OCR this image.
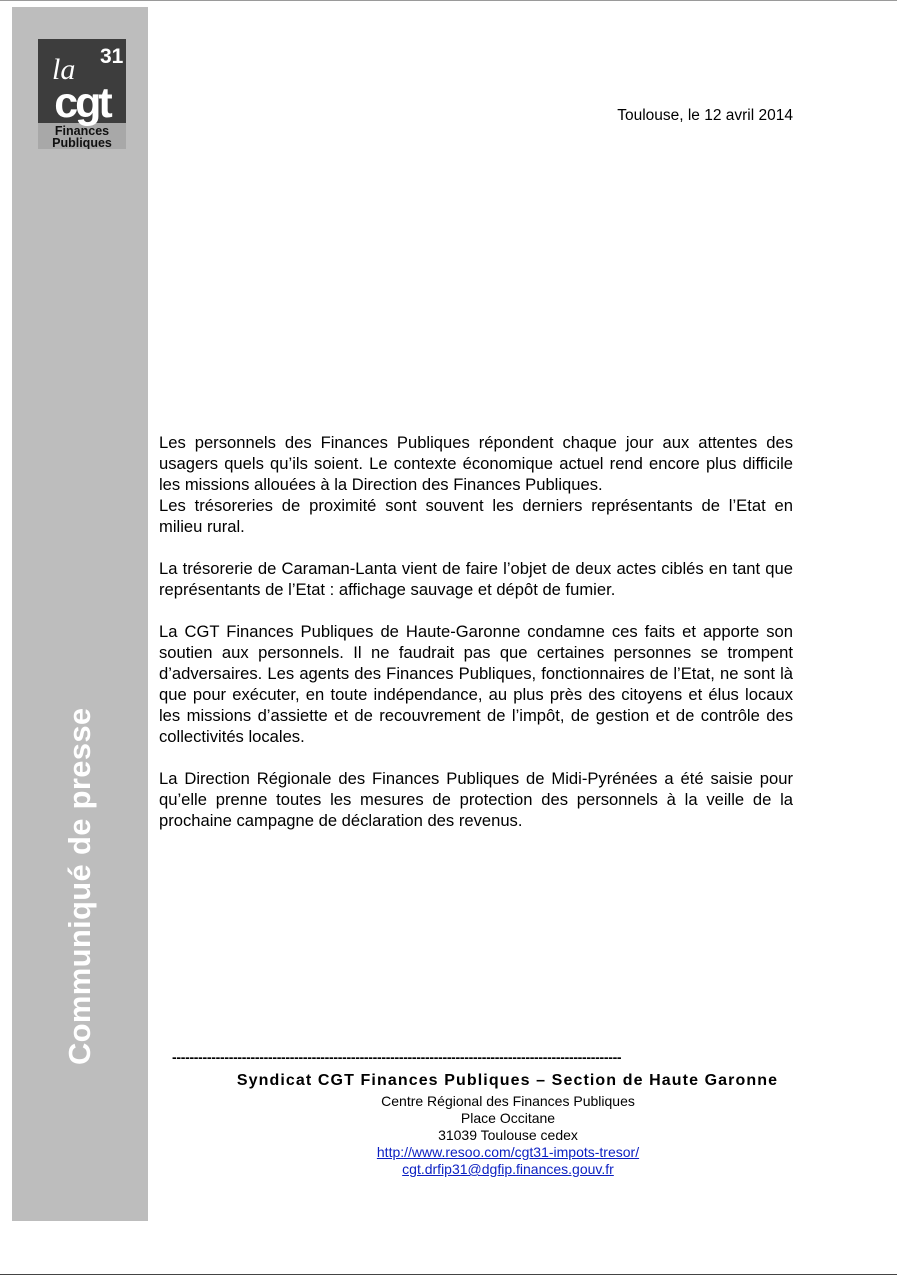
Communiqué de presse
31
la
cgt
Finances
Publiques
Toulouse, le 12 avril 2014

Les personnels des Finances Publiques répondent chaque jour aux attentes des usagers quels qu’ils soient. Le contexte économique actuel rend encore plus difficile les missions allouées à la Direction des Finances Publiques.
Les trésoreries de proximité sont souvent les derniers représentants de l’Etat en milieu rural.

La trésorerie de Caraman-Lanta vient de faire l’objet de deux actes ciblés en tant que représentants de l’Etat : affichage sauvage et dépôt de fumier.

La CGT Finances Publiques de Haute-Garonne condamne ces faits et apporte son soutien aux personnels. Il ne faudrait pas que certaines personnes se trompent d’adversaires. Les agents des Finances Publiques, fonctionnaires de l’Etat, ne sont là que pour exécuter, en toute indépendance, au plus près des citoyens et élus locaux les missions d’assiette et de recouvrement de l’impôt, de gestion et de contrôle des collectivités locales.

La Direction Régionale des Finances Publiques de Midi-Pyrénées a été saisie pour qu’elle prenne toutes les mesures de protection des personnels à la veille de la prochaine campagne de déclaration des revenus.

-------------------------------------------------------------------------------------------------------
Syndicat CGT Finances Publiques – Section de Haute Garonne
Centre Régional des Finances Publiques
Place Occitane
31039 Toulouse cedex
http://www.resoo.com/cgt31-impots-tresor/
cgt.drfip31@dgfip.finances.gouv.fr
